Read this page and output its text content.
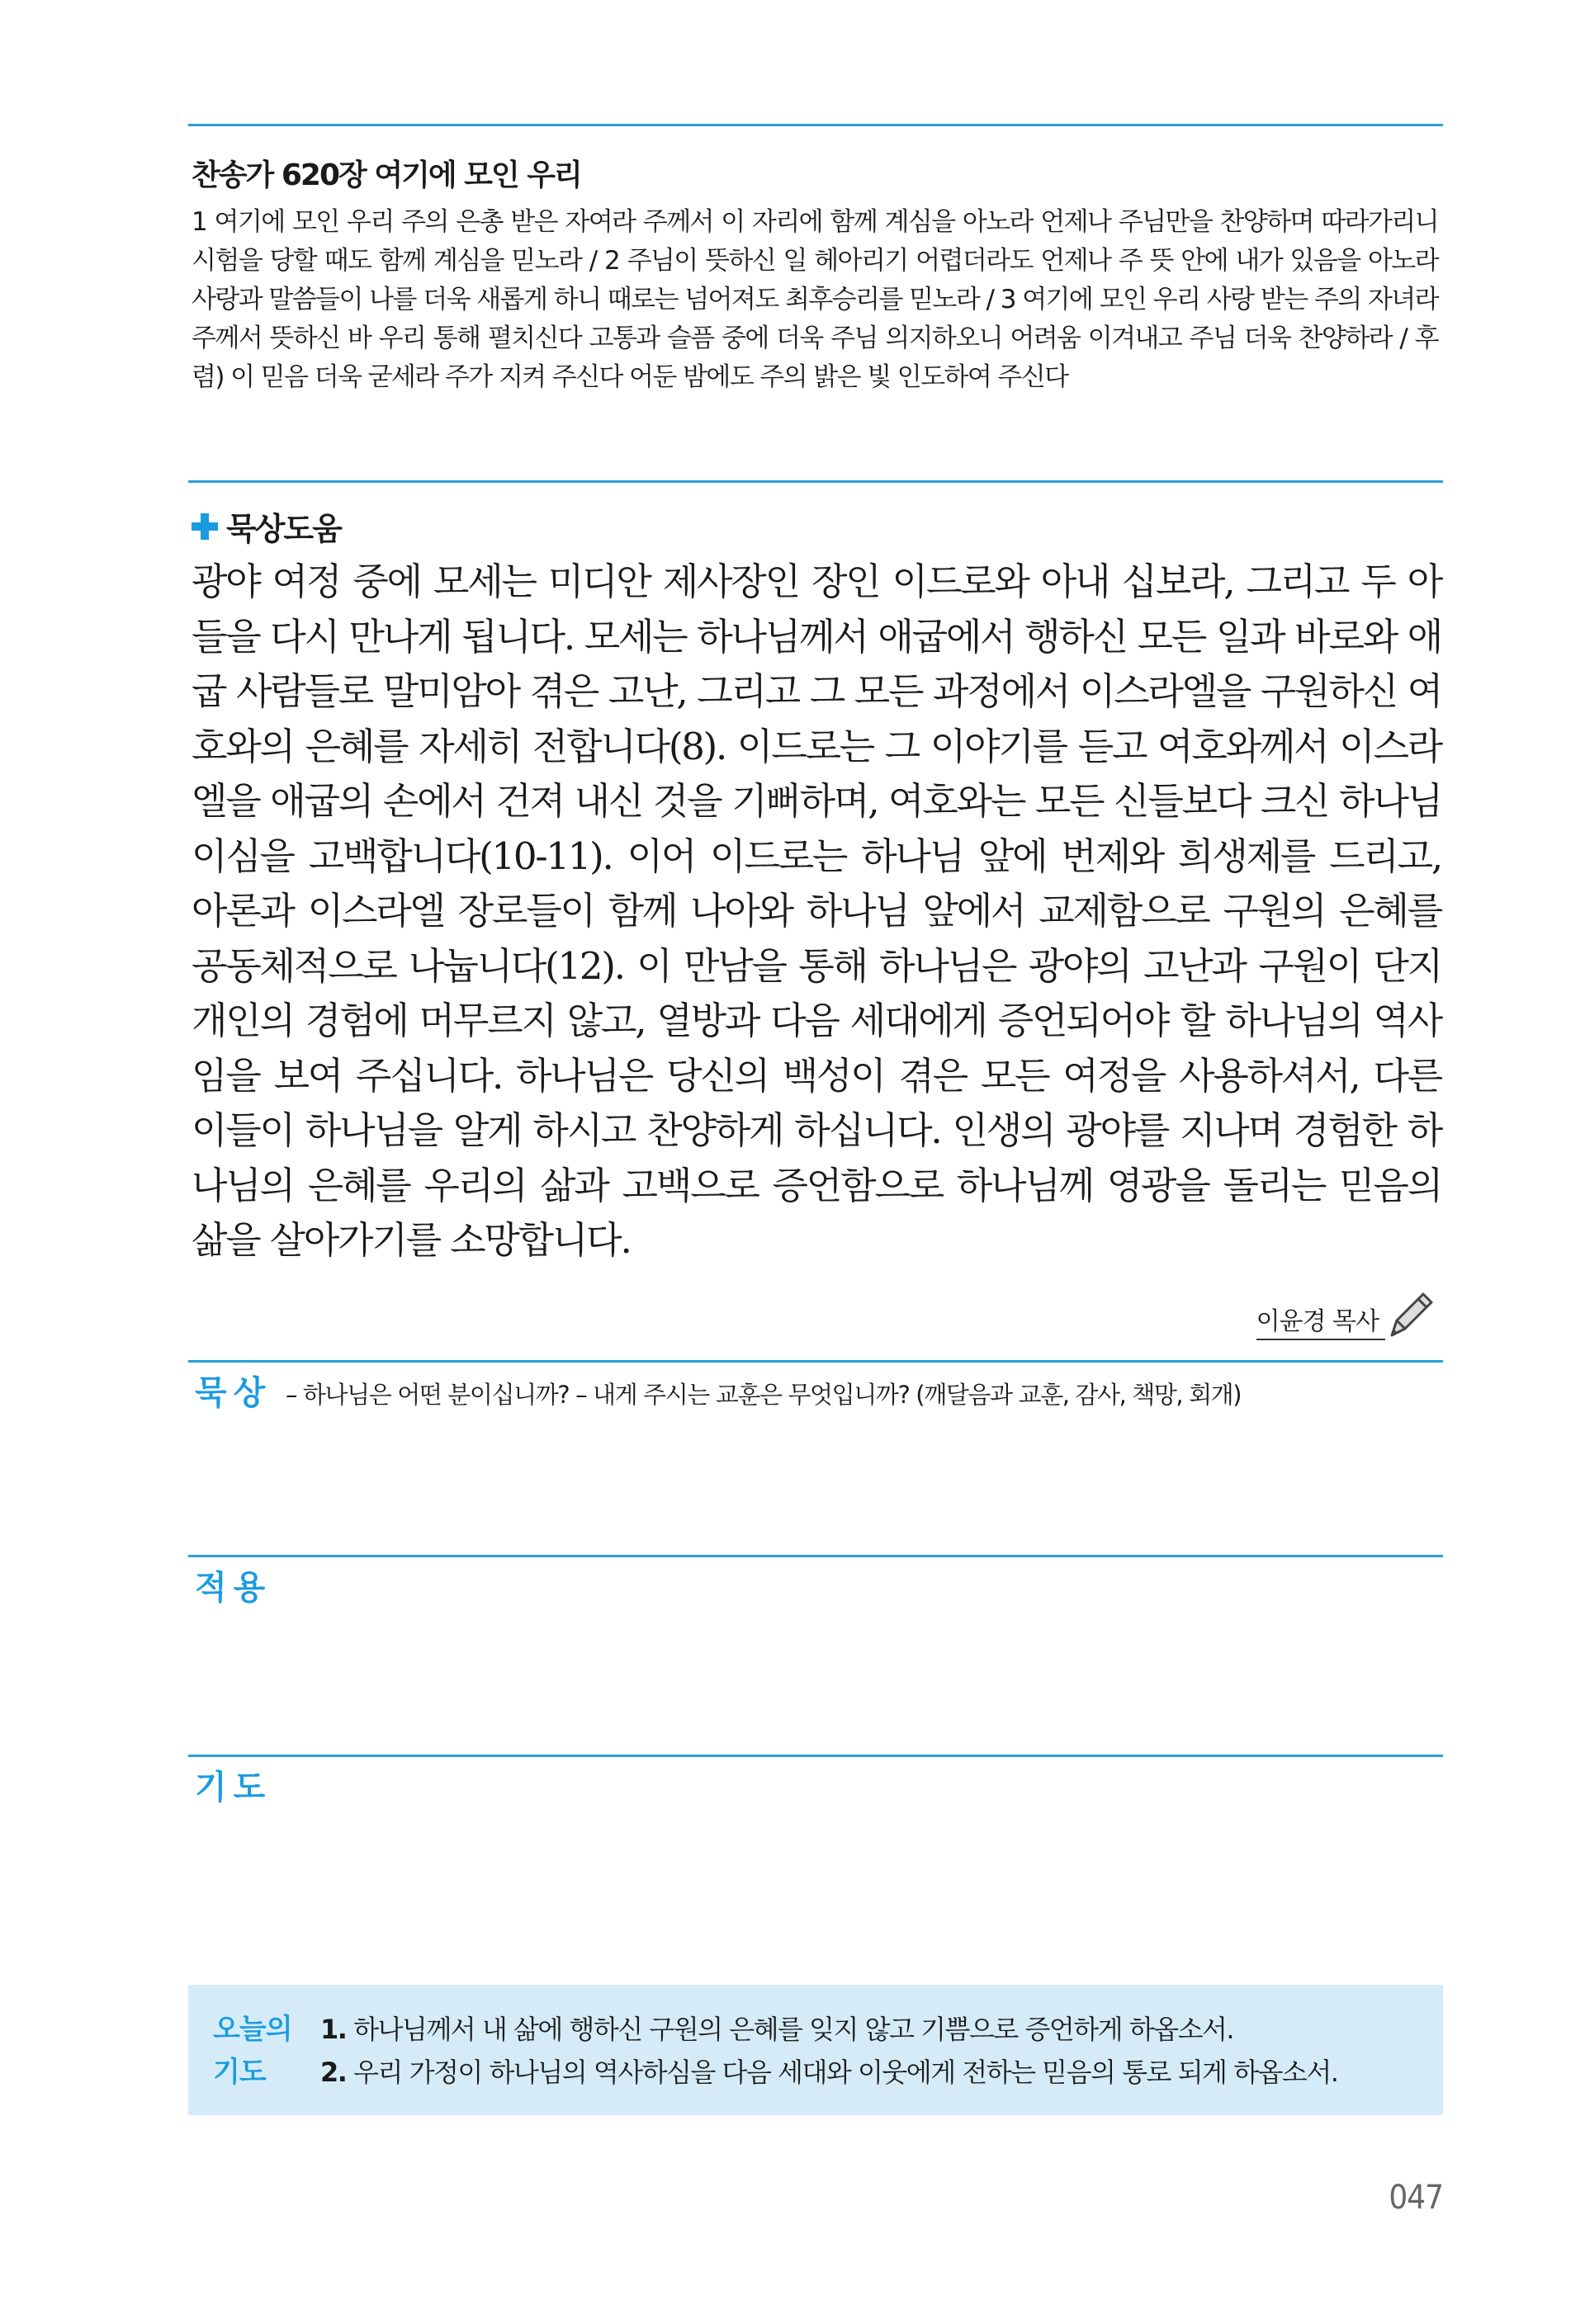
찬송가 620장 여기에 모인 우리

1 여기에 모인 우리 주의 은총 받은 자여라 주께서 이 자리에 함께 계심을 아노라 언제나 주님만을 찬양하며 따라가리니 시험을 당할 때도 함께 계심을 믿노라 / 2 주님이 뜻하신 일 헤아리기 어렵더라도 언제나 주 뜻 안에 내가 있음을 아노라 사랑과 말씀들이 나를 더욱 새롭게 하니 때로는 넘어져도 최후승리를 믿노라 / 3 여기에 모인 우리 사랑 받는 주의 자녀라 주께서 뜻하신 바 우리 통해 펼치신다 고통과 슬픔 중에 더욱 주님 의지하오니 어려움 이겨내고 주님 더욱 찬양하라 / 후렴) 이 믿음 더욱 굳세라 주가 지켜 주신다 어둔 밤에도 주의 밝은 빛 인도하여 주신다

묵상도움

광야 여정 중에 모세는 미디안 제사장인 장인 이드로와 아내 십보라, 그리고 두 아들을 다시 만나게 됩니다. 모세는 하나님께서 애굽에서 행하신 모든 일과 바로와 애굽 사람들로 말미암아 겪은 고난, 그리고 그 모든 과정에서 이스라엘을 구원하신 여호와의 은혜를 자세히 전합니다(8). 이드로는 그 이야기를 듣고 여호와께서 이스라엘을 애굽의 손에서 건져 내신 것을 기뻐하며, 여호와는 모든 신들보다 크신 하나님이심을 고백합니다(10-11). 이어 이드로는 하나님 앞에 번제와 희생제를 드리고, 아론과 이스라엘 장로들이 함께 나아와 하나님 앞에서 교제함으로 구원의 은혜를 공동체적으로 나눕니다(12). 이 만남을 통해 하나님은 광야의 고난과 구원이 단지 개인의 경험에 머무르지 않고, 열방과 다음 세대에게 증언되어야 할 하나님의 역사임을 보여 주십니다. 하나님은 당신의 백성이 겪은 모든 여정을 사용하셔서, 다른 이들이 하나님을 알게 하시고 찬양하게 하십니다. 인생의 광야를 지나며 경험한 하나님의 은혜를 우리의 삶과 고백으로 증언함으로 하나님께 영광을 돌리는 믿음의 삶을 살아가기를 소망합니다.

이윤경 목사
묵상 – 하나님은 어떤 분이십니까? – 내게 주시는 교훈은 무엇입니까? (깨달음과 교훈, 감사, 책망, 회개)
적용
기도
오늘의
기도
1. 하나님께서 내 삶에 행하신 구원의 은혜를 잊지 않고 기쁨으로 증언하게 하옵소서.
2. 우리 가정이 하나님의 역사하심을 다음 세대와 이웃에게 전하는 믿음의 통로 되게 하옵소서.
047
